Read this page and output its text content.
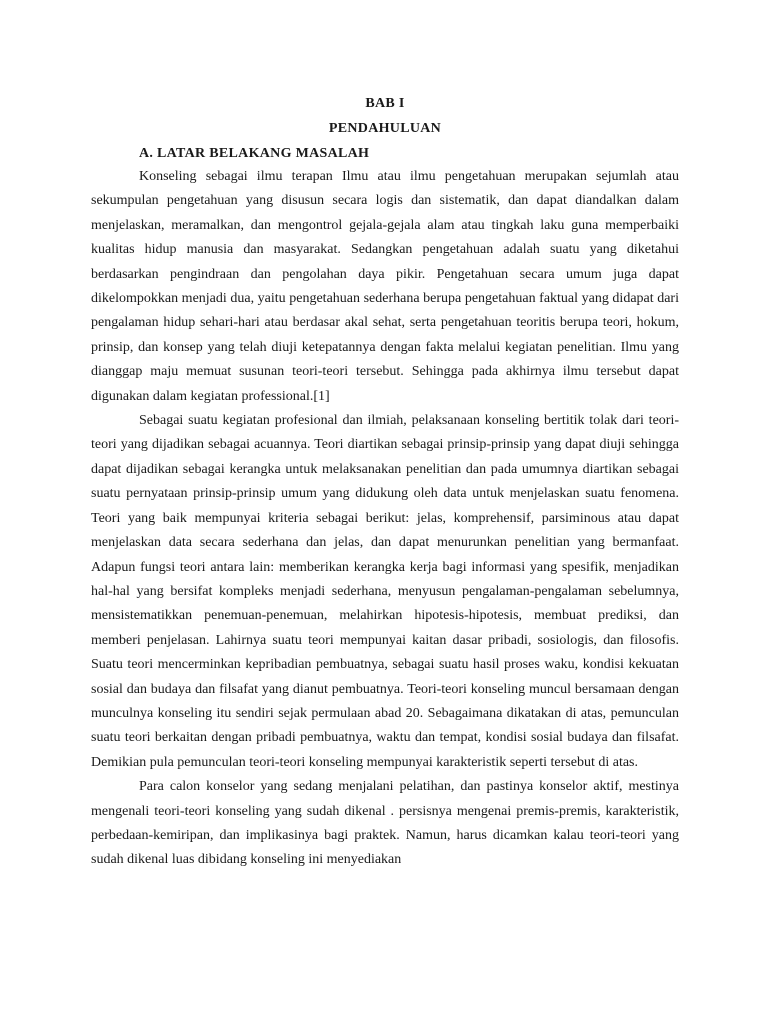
BAB I

PENDAHULUAN

A. LATAR BELAKANG MASALAH

Konseling sebagai ilmu terapan Ilmu atau ilmu pengetahuan merupakan sejumlah atau sekumpulan pengetahuan yang disusun secara logis dan sistematik, dan dapat diandalkan dalam menjelaskan, meramalkan, dan mengontrol gejala-gejala alam atau tingkah laku guna memperbaiki kualitas hidup manusia dan masyarakat. Sedangkan pengetahuan adalah suatu yang diketahui berdasarkan pengindraan dan pengolahan daya pikir. Pengetahuan secara umum juga dapat dikelompokkan menjadi dua, yaitu pengetahuan sederhana berupa pengetahuan faktual yang didapat dari pengalaman hidup sehari-hari atau berdasar akal sehat, serta pengetahuan teoritis berupa teori, hokum, prinsip, dan konsep yang telah diuji ketepatannya dengan fakta melalui kegiatan penelitian. Ilmu yang dianggap maju memuat susunan teori-teori tersebut. Sehingga pada akhirnya ilmu tersebut dapat digunakan dalam kegiatan professional.[1]

Sebagai suatu kegiatan profesional dan ilmiah, pelaksanaan konseling bertitik tolak dari teori-teori yang dijadikan sebagai acuannya. Teori diartikan sebagai prinsip-prinsip yang dapat diuji sehingga dapat dijadikan sebagai kerangka untuk melaksanakan penelitian dan pada umumnya diartikan sebagai suatu pernyataan prinsip-prinsip umum yang didukung oleh data untuk menjelaskan suatu fenomena. Teori yang baik mempunyai kriteria sebagai berikut: jelas, komprehensif, parsiminous atau dapat menjelaskan data secara sederhana dan jelas, dan dapat menurunkan penelitian yang bermanfaat. Adapun fungsi teori antara lain: memberikan kerangka kerja bagi informasi yang spesifik, menjadikan hal-hal yang bersifat kompleks menjadi sederhana, menyusun pengalaman-pengalaman sebelumnya, mensistematikkan penemuan-penemuan, melahirkan hipotesis-hipotesis, membuat prediksi, dan memberi penjelasan. Lahirnya suatu teori mempunyai kaitan dasar pribadi, sosiologis, dan filosofis. Suatu teori mencerminkan kepribadian pembuatnya, sebagai suatu hasil proses waku, kondisi kekuatan sosial dan budaya dan filsafat yang dianut pembuatnya. Teori-teori konseling muncul bersamaan dengan munculnya konseling itu sendiri sejak permulaan abad 20. Sebagaimana dikatakan di atas, pemunculan suatu teori berkaitan dengan pribadi pembuatnya, waktu dan tempat, kondisi sosial budaya dan filsafat. Demikian pula pemunculan teori-teori konseling mempunyai karakteristik seperti tersebut di atas.

Para calon konselor yang sedang menjalani pelatihan, dan pastinya konselor aktif, mestinya mengenali teori-teori konseling yang sudah dikenal . persisnya mengenai premis-premis, karakteristik, perbedaan-kemiripan, dan implikasinya bagi praktek. Namun, harus dicamkan kalau teori-teori yang sudah dikenal luas dibidang konseling ini menyediakan
